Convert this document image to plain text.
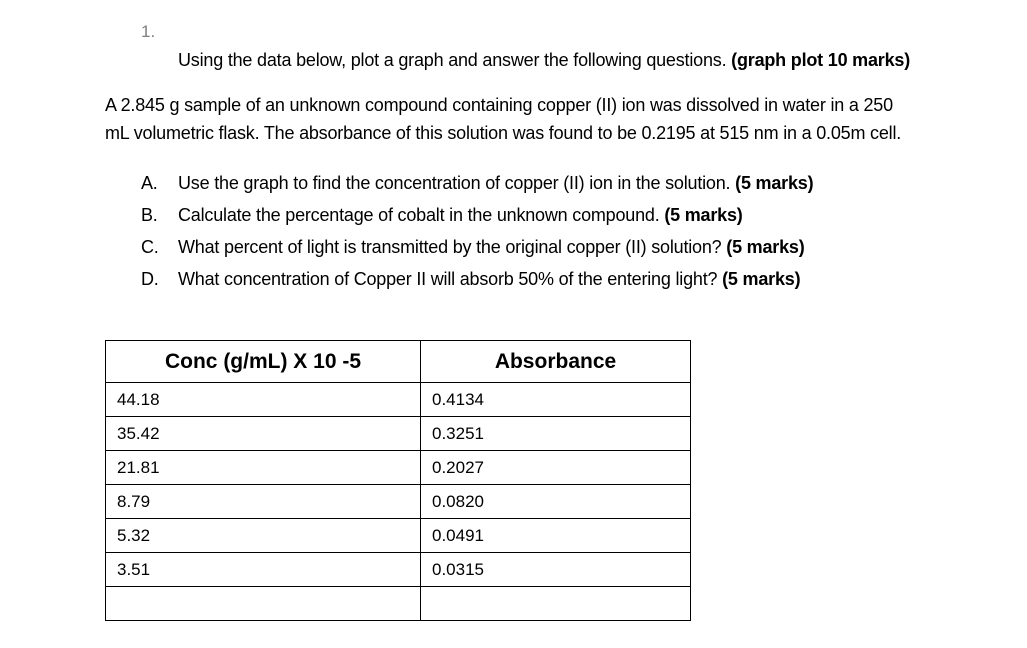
1.
Using the data below, plot a graph and answer the following questions. (graph plot 10 marks)
A 2.845 g sample of an unknown compound containing copper (II) ion was dissolved in water in a 250
mL volumetric flask. The absorbance of this solution was found to be 0.2195 at 515 nm in a 0.05m cell.
A. Use the graph to find the concentration of copper (II) ion in the solution. (5 marks)
B. Calculate the percentage of cobalt in the unknown compound. (5 marks)
C. What percent of light is transmitted by the original copper (II) solution? (5 marks)
D. What concentration of Copper II will absorb 50% of the entering light? (5 marks)
Conc (g/mL) X 10 -5	Absorbance
44.18	0.4134
35.42	0.3251
21.81	0.2027
8.79	0.0820
5.32	0.0491
3.51	0.0315
